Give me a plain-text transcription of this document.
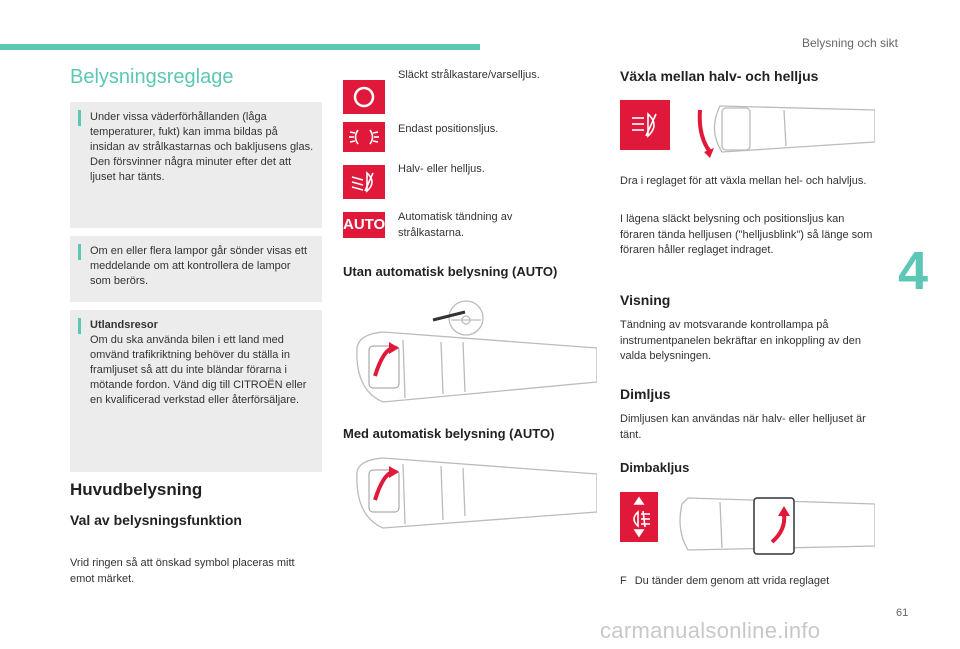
Belysning och sikt
4
61
Belysningsreglage
Under vissa väderförhållanden (låga temperaturer, fukt) kan imma bildas på insidan av strålkastarnas och bakljusens glas. Den försvinner några minuter efter det att ljuset har tänts.
Om en eller flera lampor går sönder visas ett meddelande om att kontrollera de lampor som berörs.
Utlandsresor
Om du ska använda bilen i ett land med omvänd trafikriktning behöver du ställa in framljuset så att du inte bländar förarna i mötande fordon. Vänd dig till CITROËN eller en kvalificerad verkstad eller återförsäljare.
Huvudbelysning
Val av belysningsfunktion
Vrid ringen så att önskad symbol placeras mitt emot märket.
Släckt strålkastare/varselljus.
Endast positionsljus.
Halv- eller helljus.
AUTO Automatisk tändning av strålkastarna.
Utan automatisk belysning (AUTO)
Med automatisk belysning (AUTO)
Växla mellan halv- och helljus
Dra i reglaget för att växla mellan hel- och halvljus.
I lägena släckt belysning och positionsljus kan föraren tända helljusen ("helljusblink") så länge som föraren håller reglaget indraget.
Visning
Tändning av motsvarande kontrollampa på instrumentpanelen bekräftar en inkoppling av den valda belysningen.
Dimljus
Dimljusen kan användas när halv- eller helljuset är tänt.
Dimbakljus
F Du tänder dem genom att vrida reglaget
carmanualsonline.info
